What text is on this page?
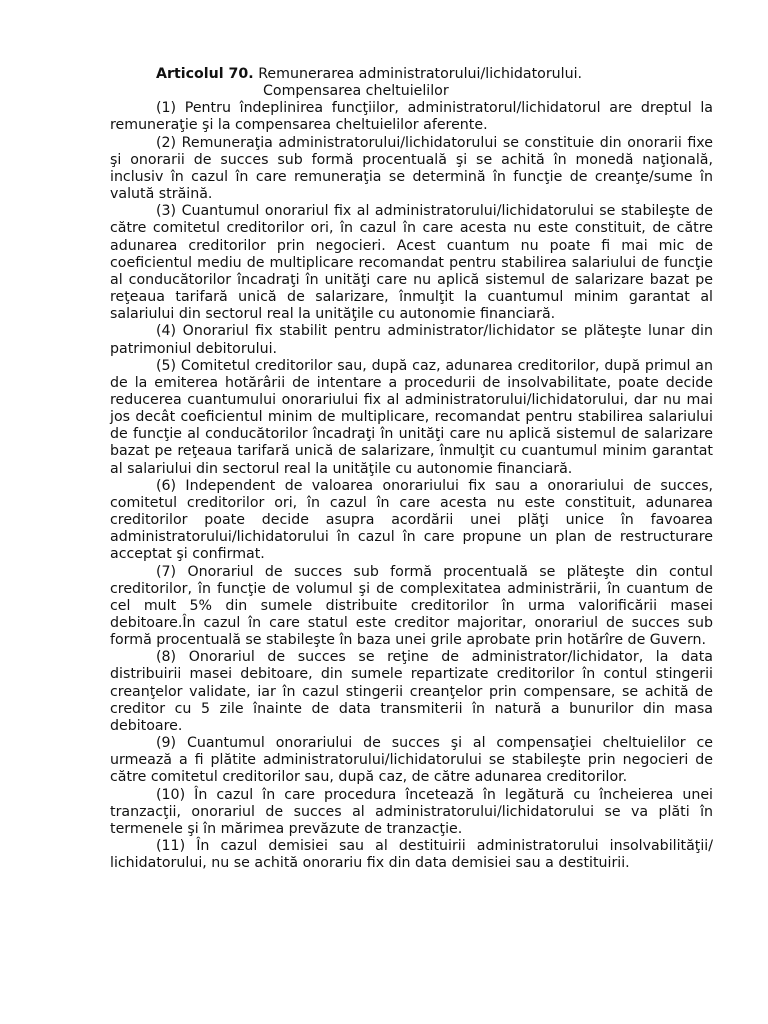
Articolul 70. Remunerarea administratorului/lichidatorului.
Compensarea cheltuielilor

(1) Pentru îndeplinirea funcţiilor, administratorul/lichidatorul are dreptul la remuneraţie şi la compensarea cheltuielilor aferente.

(2) Remuneraţia administratorului/lichidatorului se constituie din onorarii fixe şi onorarii de succes sub formă procentuală şi se achită în monedă naţională, inclusiv în cazul în care remuneraţia se determină în funcţie de creanţe/sume în valută străină.

(3) Cuantumul onorariul fix al administratorului/lichidatorului se stabileşte de către comitetul creditorilor ori, în cazul în care acesta nu este constituit, de către adunarea creditorilor prin negocieri. Acest cuantum nu poate fi mai mic de coeficientul mediu de multiplicare recomandat pentru stabilirea salariului de funcţie al conducătorilor încadraţi în unităţi care nu aplică sistemul de salarizare bazat pe reţeaua tarifară unică de salarizare, înmulţit la cuantumul minim garantat al salariului din sectorul real la unităţile cu autonomie financiară.

(4) Onorariul fix stabilit pentru administrator/lichidator se plăteşte lunar din patrimoniul debitorului.

(5) Comitetul creditorilor sau, după caz, adunarea creditorilor, după primul an de la emiterea hotărârii de intentare a procedurii de insolvabilitate, poate decide reducerea cuantumului onorariului fix al administratorului/lichidatorului, dar nu mai jos decât coeficientul minim de multiplicare, recomandat pentru stabilirea salariului de funcţie al conducătorilor încadraţi în unităţi care nu aplică sistemul de salarizare bazat pe reţeaua tarifară unică de salarizare, înmulţit cu cuantumul minim garantat al salariului din sectorul real la unităţile cu autonomie financiară.

(6) Independent de valoarea onorariului fix sau a onorariului de succes, comitetul creditorilor ori, în cazul în care acesta nu este constituit, adunarea creditorilor poate decide asupra acordării unei plăţi unice în favoarea administratorului/lichidatorului în cazul în care propune un plan de restructurare acceptat şi confirmat.

(7) Onorariul de succes sub formă procentuală se plăteşte din contul creditorilor, în funcţie de volumul şi de complexitatea administrării, în cuantum de cel mult 5% din sumele distribuite creditorilor în urma valorificării masei debitoare.În cazul în care statul este creditor majoritar, onorariul de succes sub formă procentuală se stabileşte în baza unei grile aprobate prin hotărîre de Guvern.

(8) Onorariul de succes se reţine de administrator/lichidator, la data distribuirii masei debitoare, din sumele repartizate creditorilor în contul stingerii creanţelor validate, iar în cazul stingerii creanţelor prin compensare, se achită de creditor cu 5 zile înainte de data transmiterii în natură a bunurilor din masa debitoare.

(9) Cuantumul onorariului de succes şi al compensaţiei cheltuielilor ce urmează a fi plătite administratorului/lichidatorului se stabileşte prin negocieri de către comitetul creditorilor sau, după caz, de către adunarea creditorilor.

(10) În cazul în care procedura încetează în legătură cu încheierea unei tranzacţii, onorariul de succes al administratorului/lichidatorului se va plăti în termenele şi în mărimea prevăzute de tranzacţie.

(11) În cazul demisiei sau al destituirii administratorului insolvabilităţii/ lichidatorului, nu se achită onorariu fix din data demisiei sau a destituirii.
